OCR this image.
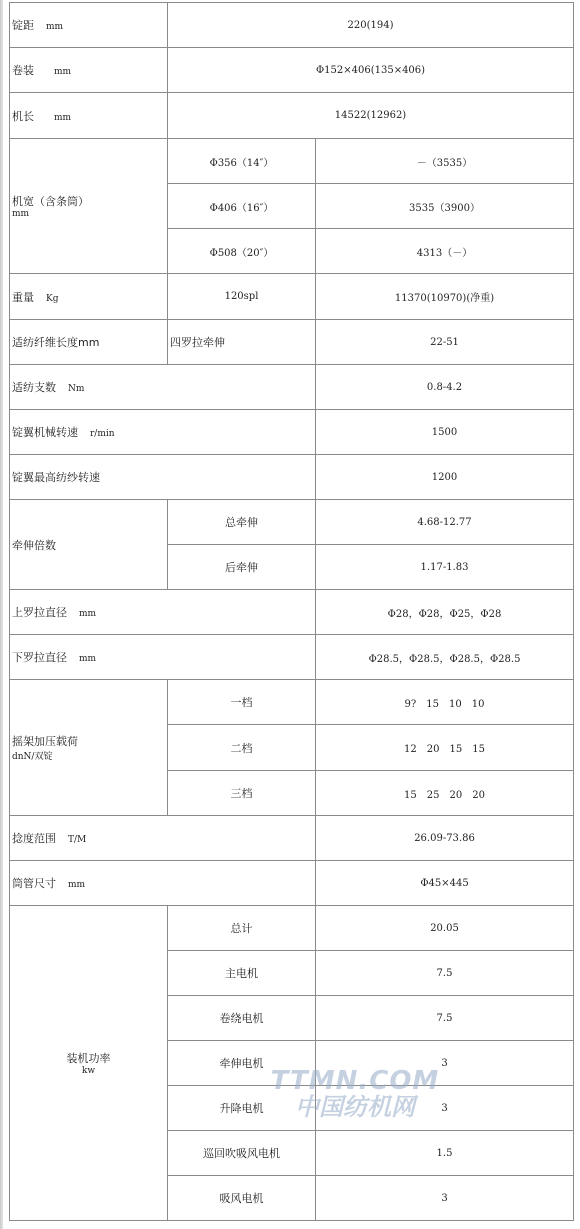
锭距 mm	220(194)	
卷装 mm	Φ152×406(135×406)	
机长 mm	14522(12962)	
机宽（含条筒）
mm	Φ356（14″）	－（3535）
	Φ406（16″）	3535（3900）
	Φ508（20″）	4313（－）
重量 Kg	120spl	11370(10970)(净重)
适纺纤维长度mm	四罗拉牵伸	22-51
适纺支数 Nm		0.8-4.2
锭翼机械转速 r/min		1500
锭翼最高纺纱转速		1200
牵伸倍数	总牵伸	4.68-12.77
	后牵伸	1.17-1.83
上罗拉直径 mm		Φ28，Φ28，Φ25，Φ28
下罗拉直径 mm		Φ28.5，Φ28.5，Φ28.5，Φ28.5
摇架加压载荷
dnN/双锭	一档	9?　15　10　10
	二档	12　20　15　15
	三档	15　25　20　20
捻度范围 T/M		26.09-73.86
筒管尺寸 mm		Φ45×445

装机功率
kw	总计	20.05
	主电机	7.5
	卷绕电机	7.5
	牵伸电机	3
	升降电机	3
	巡回吹吸风电机	1.5
	吸风电机	3
TTMN.COM
中国纺机网
